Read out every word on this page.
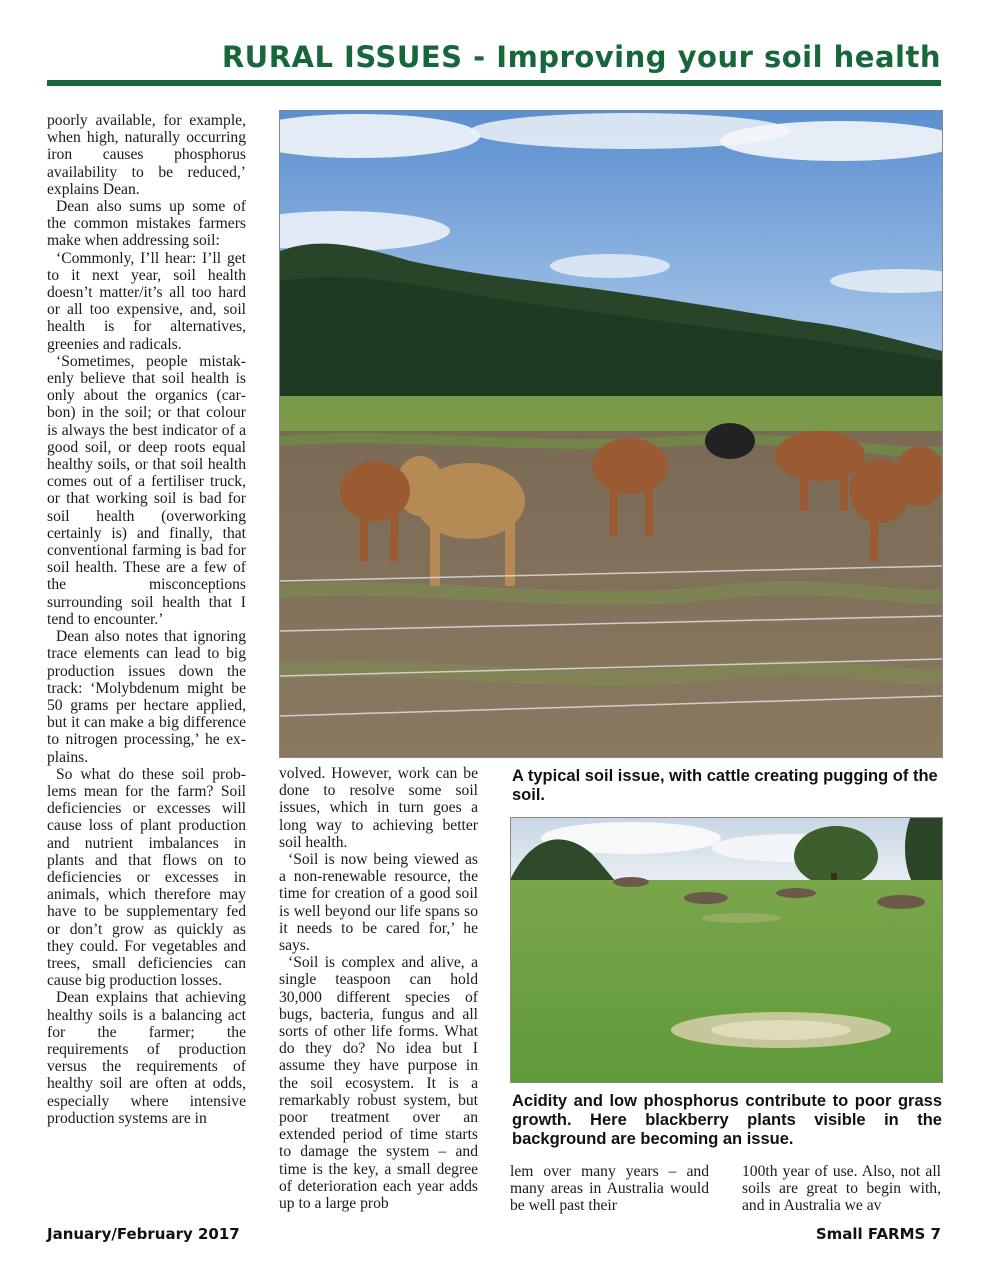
RURAL ISSUES - Improving your soil health

poorly available, for example, when high, naturally occurring iron causes phosphorus availability to be reduced,’ explains Dean.

Dean also sums up some of the common mistakes farmers make when addressing soil:

‘Commonly, I’ll hear: I’ll get to it next year, soil health doesn’t matter/it’s all too hard or all too expensive, and, soil health is for alternatives, greenies and radicals.

‘Sometimes, people mistakenly believe that soil health is only about the organics (carbon) in the soil; or that colour is always the best indicator of a good soil, or deep roots equal healthy soils, or that soil health comes out of a fertiliser truck, or that working soil is bad for soil health (overworking certainly is) and finally, that conventional farming is bad for soil health. These are a few of the misconceptions surrounding soil health that I tend to encounter.’

Dean also notes that ignoring trace elements can lead to big production issues down the track: ‘Molybdenum might be 50 grams per hectare applied, but it can make a big difference to nitrogen processing,’ he explains.

So what do these soil problems mean for the farm? Soil deficiencies or excesses will cause loss of plant production and nutrient imbalances in plants and that flows on to deficiencies or excesses in animals, which therefore may have to be supplementary fed or don’t grow as quickly as they could. For vegetables and trees, small deficiencies can cause big production losses.

Dean explains that achieving healthy soils is a balancing act for the farmer; the requirements of production versus the requirements of healthy soil are often at odds, especially where intensive production systems are in

volved. However, work can be done to resolve some soil issues, which in turn goes a long way to achieving better soil health.

‘Soil is now being viewed as a non-renewable resource, the time for creation of a good soil is well beyond our life spans so it needs to be cared for,’ he says.

‘Soil is complex and alive, a single teaspoon can hold 30,000 different species of bugs, bacteria, fungus and all sorts of other life forms. What do they do? No idea but I assume they have purpose in the soil ecosystem. It is a remarkably robust system, but poor treatment over an extended period of time starts to damage the system – and time is the key, a small degree of deterioration each year adds up to a large prob

A typical soil issue, with cattle creating pugging of the soil.

Acidity and low phosphorus contribute to poor grass growth. Here blackberry plants visible in the background are becoming an issue.

lem over many years – and many areas in Australia would be well past their

100th year of use. Also, not all soils are great to begin with, and in Australia we av

January/February 2017	Small FARMS 7
